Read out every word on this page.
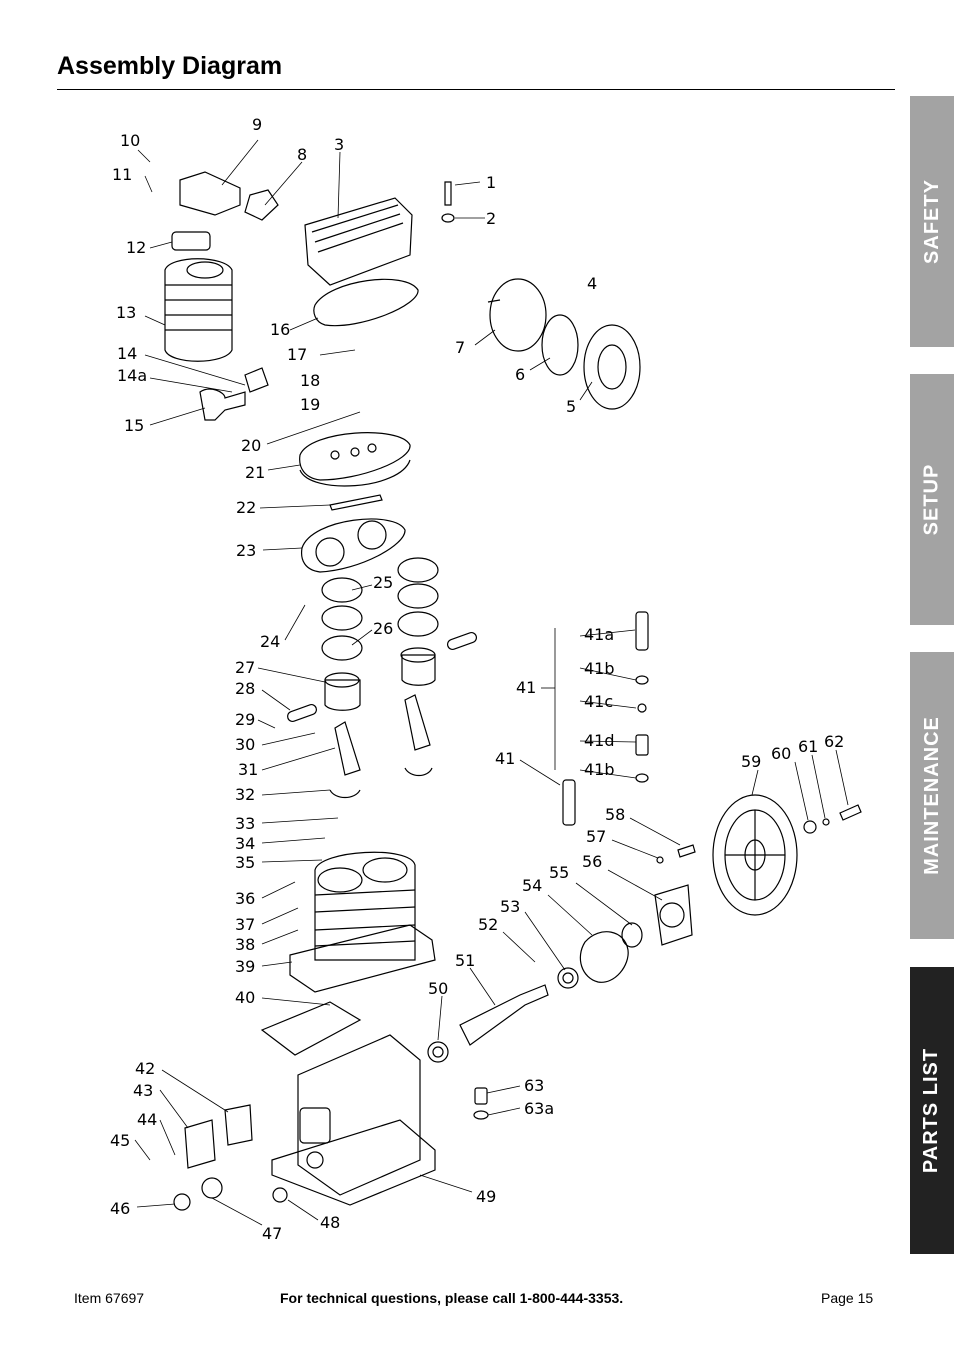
Assembly Diagram
SAFETY
SETUP
MAINTENANCE
PARTS LIST
10
9
8
3
11	1
2
12
4
13
16
7
14	17
14a	18	6
19	5
15
20
21
22
23
25
24
26
27
28
29
30
31
32
33
34
35
36
37
38
39
40
42
43
44
45
46
47
48
49
41a
41b
41c
41d
41b
41
41	59 60 61 62
58
57
56
55
54
53
52
51
50
63
63a
Item 67697	For technical questions, please call 1-800-444-3353.	Page 15
